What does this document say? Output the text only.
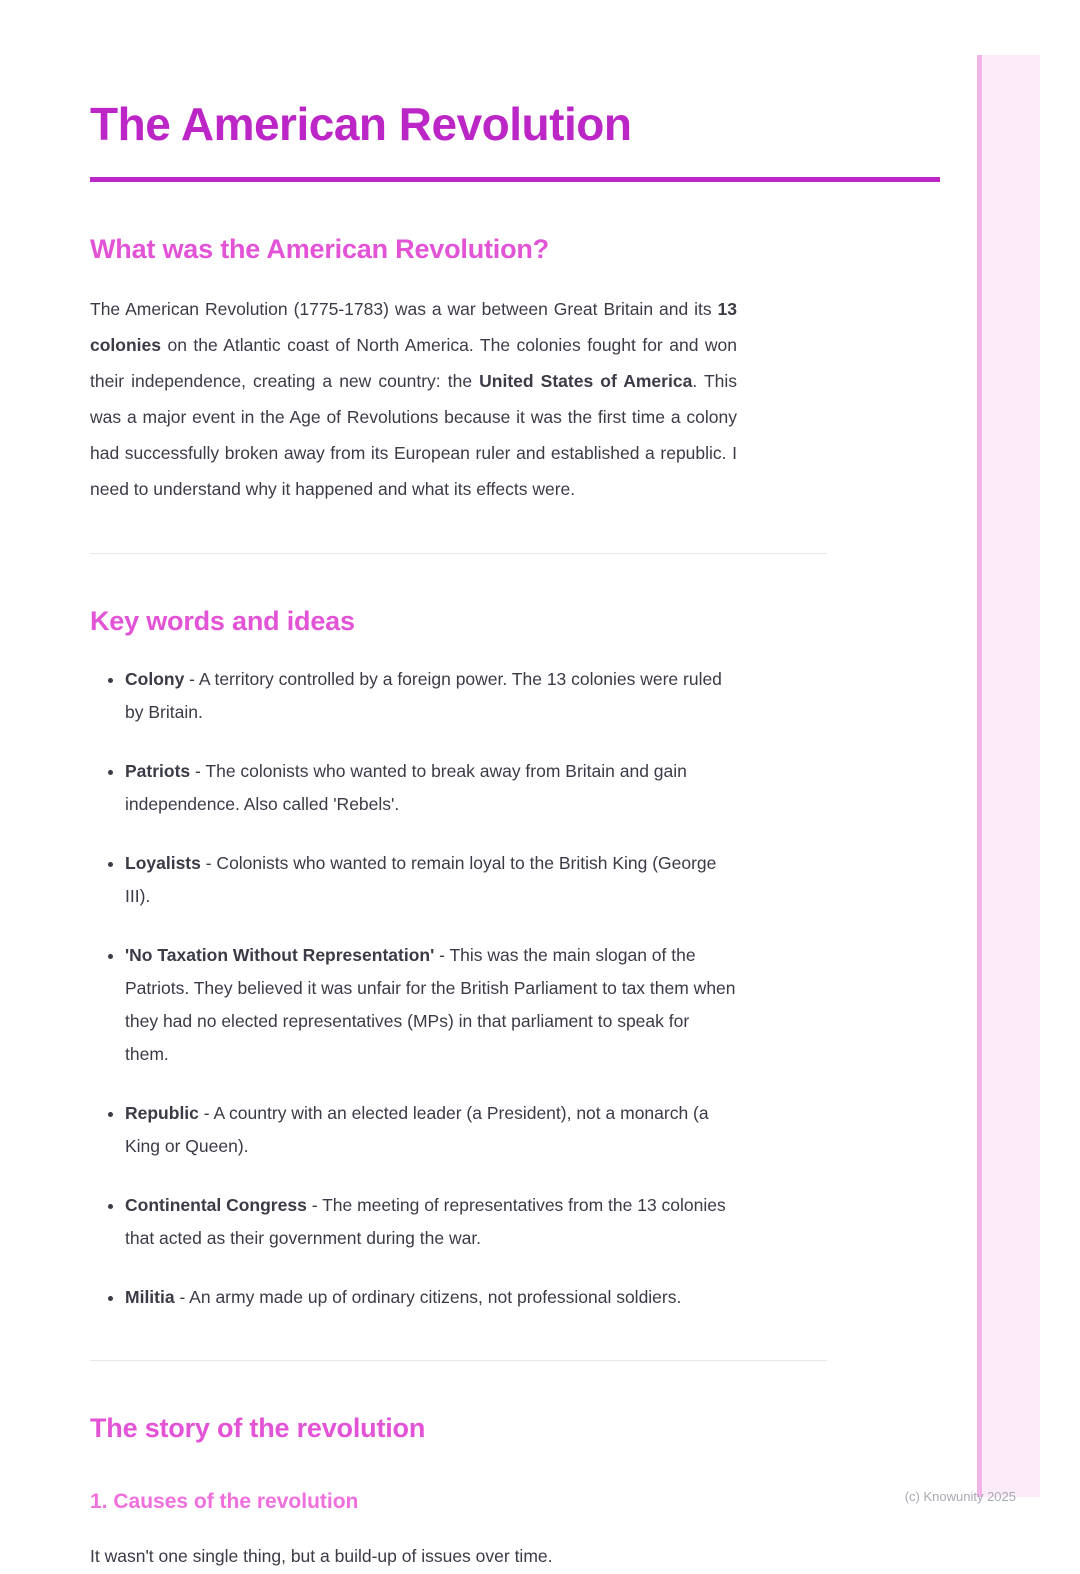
The American Revolution
What was the American Revolution?

The American Revolution (1775-1783) was a war between Great Britain and its 13 colonies on the Atlantic coast of North America. The colonies fought for and won their independence, creating a new country: the United States of America. This was a major event in the Age of Revolutions because it was the first time a colony had successfully broken away from its European ruler and established a republic. I need to understand why it happened and what its effects were.

Key words and ideas
• Colony - A territory controlled by a foreign power. The 13 colonies were ruled by Britain.
• Patriots - The colonists who wanted to break away from Britain and gain independence. Also called 'Rebels'.
• Loyalists - Colonists who wanted to remain loyal to the British King (George III).
• 'No Taxation Without Representation' - This was the main slogan of the Patriots. They believed it was unfair for the British Parliament to tax them when they had no elected representatives (MPs) in that parliament to speak for them.
• Republic - A country with an elected leader (a President), not a monarch (a King or Queen).
• Continental Congress - The meeting of representatives from the 13 colonies that acted as their government during the war.
• Militia - An army made up of ordinary citizens, not professional soldiers.
The story of the revolution
1. Causes of the revolution

It wasn't one single thing, but a build-up of issues over time.

(c) Knowunity 2025
